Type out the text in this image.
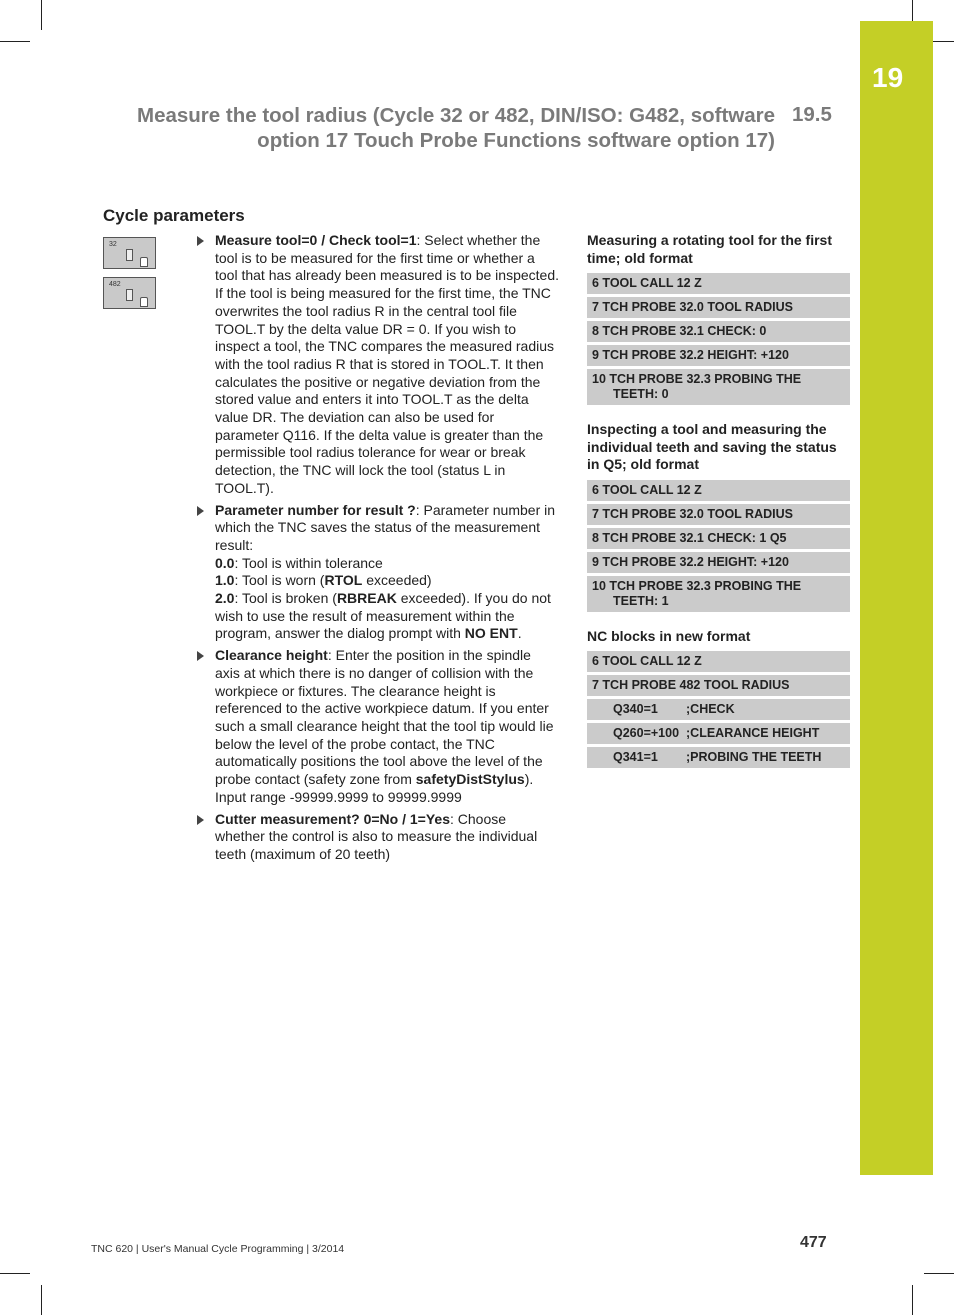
19
Measure the tool radius (Cycle 32 or 482, DIN/ISO: G482, software
option 17 Touch Probe Functions software option 17)
19.5
Cycle parameters
32
482
Measure tool=0 / Check tool=1: Select whether the tool is to be measured for the first time or whether a tool that has already been measured is to be inspected. If the tool is being measured for the first time, the TNC overwrites the tool radius R in the central tool file TOOL.T by the delta value DR = 0. If you wish to inspect a tool, the TNC compares the measured radius with the tool radius R that is stored in TOOL.T. It then calculates the positive or negative deviation from the stored value and enters it into TOOL.T as the delta value DR. The deviation can also be used for parameter Q116. If the delta value is greater than the permissible tool radius tolerance for wear or break detection, the TNC will lock the tool (status L in TOOL.T).
Parameter number for result ?: Parameter number in which the TNC saves the status of the measurement result:
0.0: Tool is within tolerance
1.0: Tool is worn (RTOL exceeded)
2.0: Tool is broken (RBREAK exceeded). If you do not wish to use the result of measurement within the program, answer the dialog prompt with NO ENT.
Clearance height: Enter the position in the spindle axis at which there is no danger of collision with the workpiece or fixtures. The clearance height is referenced to the active workpiece datum. If you enter such a small clearance height that the tool tip would lie below the level of the probe contact, the TNC automatically positions the tool above the level of the probe contact (safety zone from safetyDistStylus). Input range -99999.9999 to 99999.9999
Cutter measurement? 0=No / 1=Yes: Choose whether the control is also to measure the individual teeth (maximum of 20 teeth)
Measuring a rotating tool for the first time; old format
6 TOOL CALL 12 Z
7 TCH PROBE 32.0 TOOL RADIUS
8 TCH PROBE 32.1 CHECK: 0
9 TCH PROBE 32.2 HEIGHT: +120
10 TCH PROBE 32.3 PROBING THE
TEETH: 0
Inspecting a tool and measuring the individual teeth and saving the status in Q5; old format
6 TOOL CALL 12 Z
7 TCH PROBE 32.0 TOOL RADIUS
8 TCH PROBE 32.1 CHECK: 1 Q5
9 TCH PROBE 32.2 HEIGHT: +120
10 TCH PROBE 32.3 PROBING THE
TEETH: 1
NC blocks in new format
6 TOOL CALL 12 Z
7 TCH PROBE 482 TOOL RADIUS
Q340=1	;CHECK
Q260=+100 ;CLEARANCE HEIGHT
Q341=1	;PROBING THE TEETH
TNC 620 | User's Manual Cycle Programming | 3/2014	477
